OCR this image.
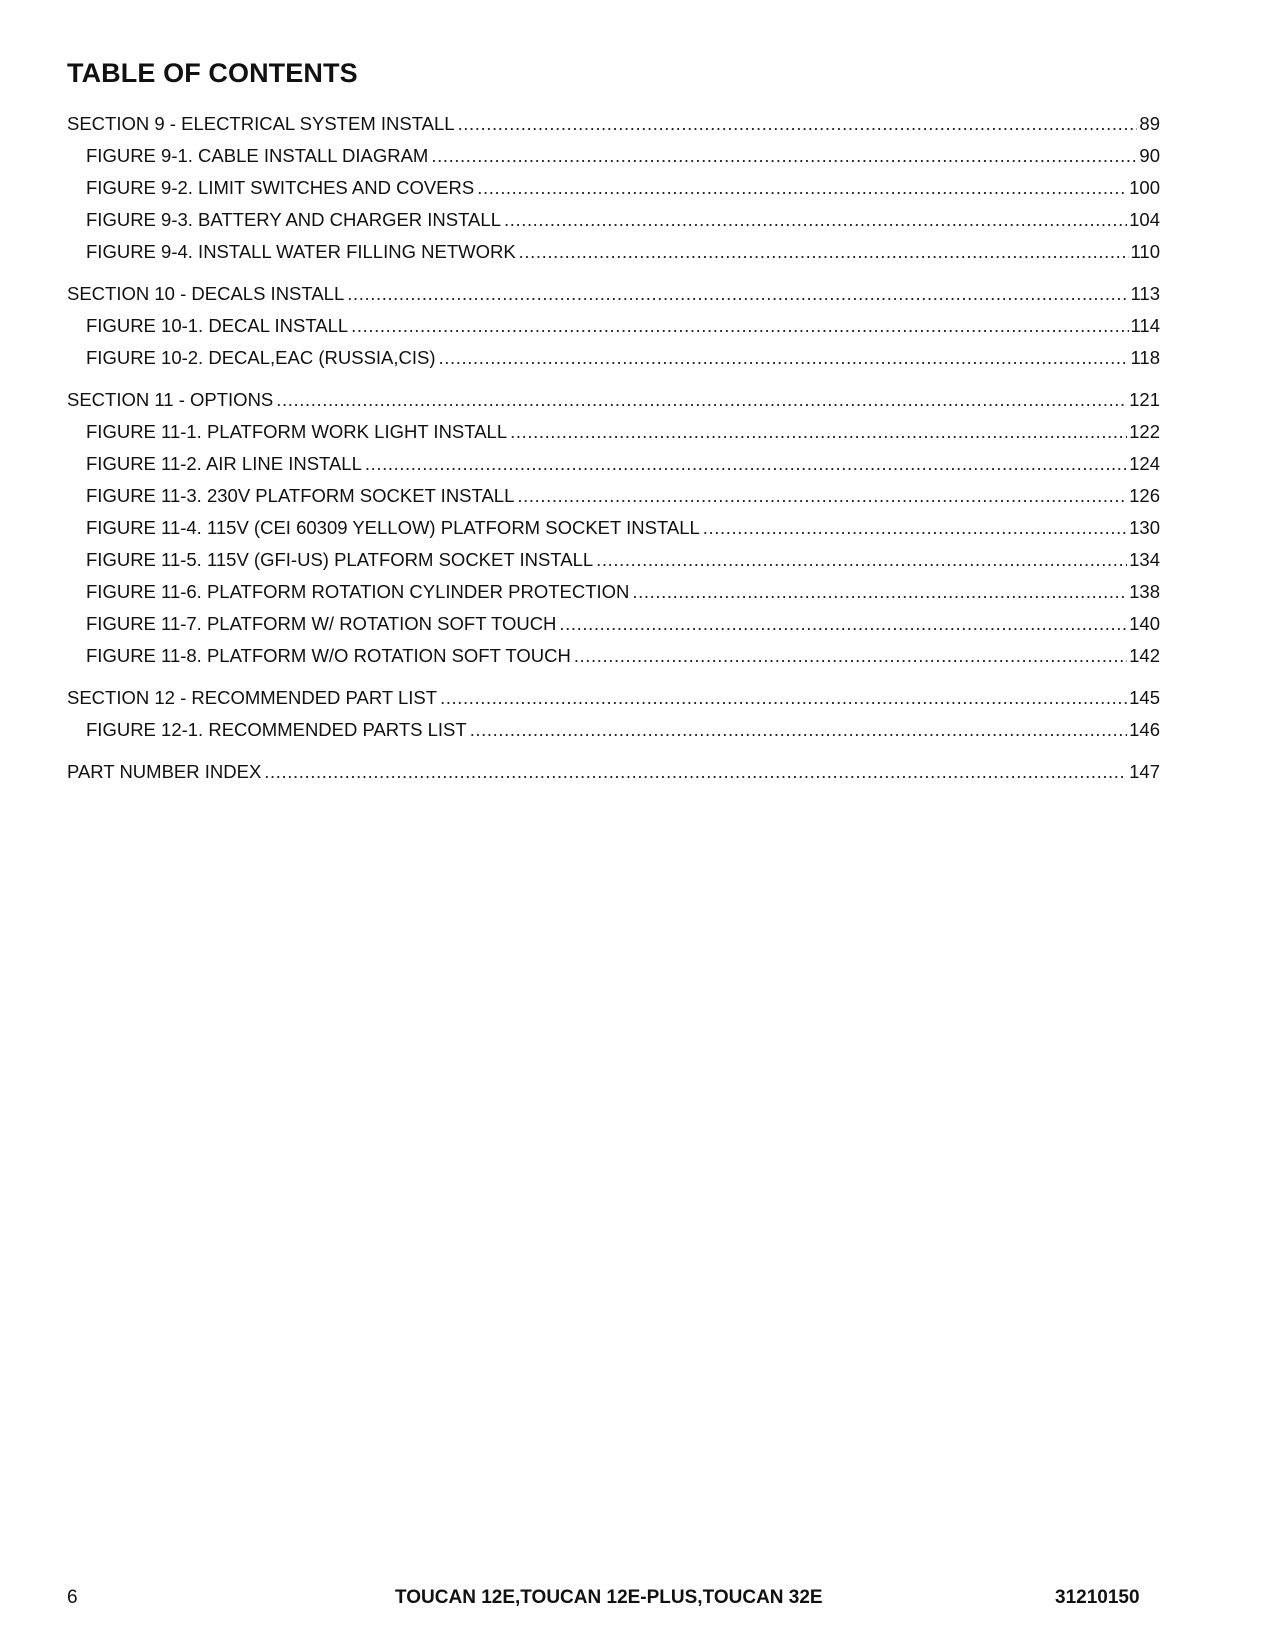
TABLE OF CONTENTS
SECTION 9 - ELECTRICAL SYSTEM INSTALL .....	89
FIGURE 9-1. CABLE INSTALL DIAGRAM .....	90
FIGURE 9-2. LIMIT SWITCHES AND COVERS .....	100
FIGURE 9-3. BATTERY AND CHARGER INSTALL .....	104
FIGURE 9-4. INSTALL WATER FILLING NETWORK .....	110
SECTION 10 - DECALS INSTALL .....	113
FIGURE 10-1. DECAL INSTALL .....	114
FIGURE 10-2. DECAL,EAC (RUSSIA,CIS) .....	118
SECTION 11 - OPTIONS .....	121
FIGURE 11-1. PLATFORM WORK LIGHT INSTALL .....	122
FIGURE 11-2. AIR LINE INSTALL .....	124
FIGURE 11-3. 230V PLATFORM SOCKET INSTALL .....	126
FIGURE 11-4. 115V (CEI 60309 YELLOW) PLATFORM SOCKET INSTALL .....	130
FIGURE 11-5. 115V (GFI-US) PLATFORM SOCKET INSTALL .....	134
FIGURE 11-6. PLATFORM ROTATION CYLINDER PROTECTION .....	138
FIGURE 11-7. PLATFORM W/ ROTATION SOFT TOUCH .....	140
FIGURE 11-8. PLATFORM W/O ROTATION SOFT TOUCH .....	142
SECTION 12 - RECOMMENDED PART LIST .....	145
FIGURE 12-1. RECOMMENDED PARTS LIST .....	146
PART NUMBER INDEX .....	147
6	TOUCAN 12E,TOUCAN 12E-PLUS,TOUCAN 32E	31210150
